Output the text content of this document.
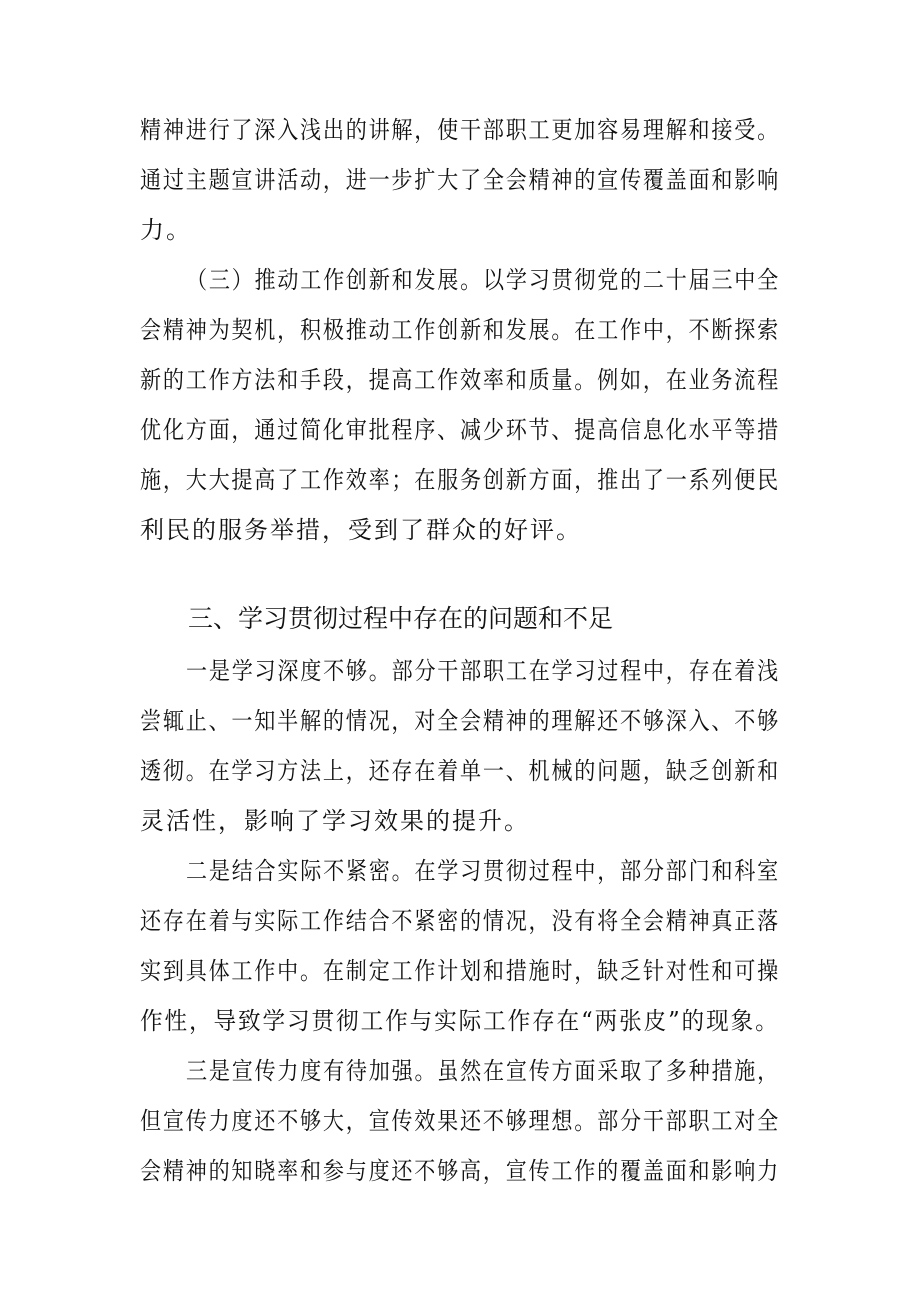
精神进行了深入浅出的讲解，使干部职工更加容易理解和接受。
通过主题宣讲活动，进一步扩大了全会精神的宣传覆盖面和影响
力。
（三）推动工作创新和发展。以学习贯彻党的二十届三中全
会精神为契机，积极推动工作创新和发展。在工作中，不断探索
新的工作方法和手段，提高工作效率和质量。例如，在业务流程
优化方面，通过简化审批程序、减少环节、提高信息化水平等措
施，大大提高了工作效率；在服务创新方面，推出了一系列便民
利民的服务举措，受到了群众的好评。
三、学习贯彻过程中存在的问题和不足
一是学习深度不够。部分干部职工在学习过程中，存在着浅
尝辄止、一知半解的情况，对全会精神的理解还不够深入、不够
透彻。在学习方法上，还存在着单一、机械的问题，缺乏创新和
灵活性，影响了学习效果的提升。
二是结合实际不紧密。在学习贯彻过程中，部分部门和科室
还存在着与实际工作结合不紧密的情况，没有将全会精神真正落
实到具体工作中。在制定工作计划和措施时，缺乏针对性和可操
作性，导致学习贯彻工作与实际工作存在“两张皮”的现象。
三是宣传力度有待加强。虽然在宣传方面采取了多种措施，
但宣传力度还不够大，宣传效果还不够理想。部分干部职工对全
会精神的知晓率和参与度还不够高，宣传工作的覆盖面和影响力
